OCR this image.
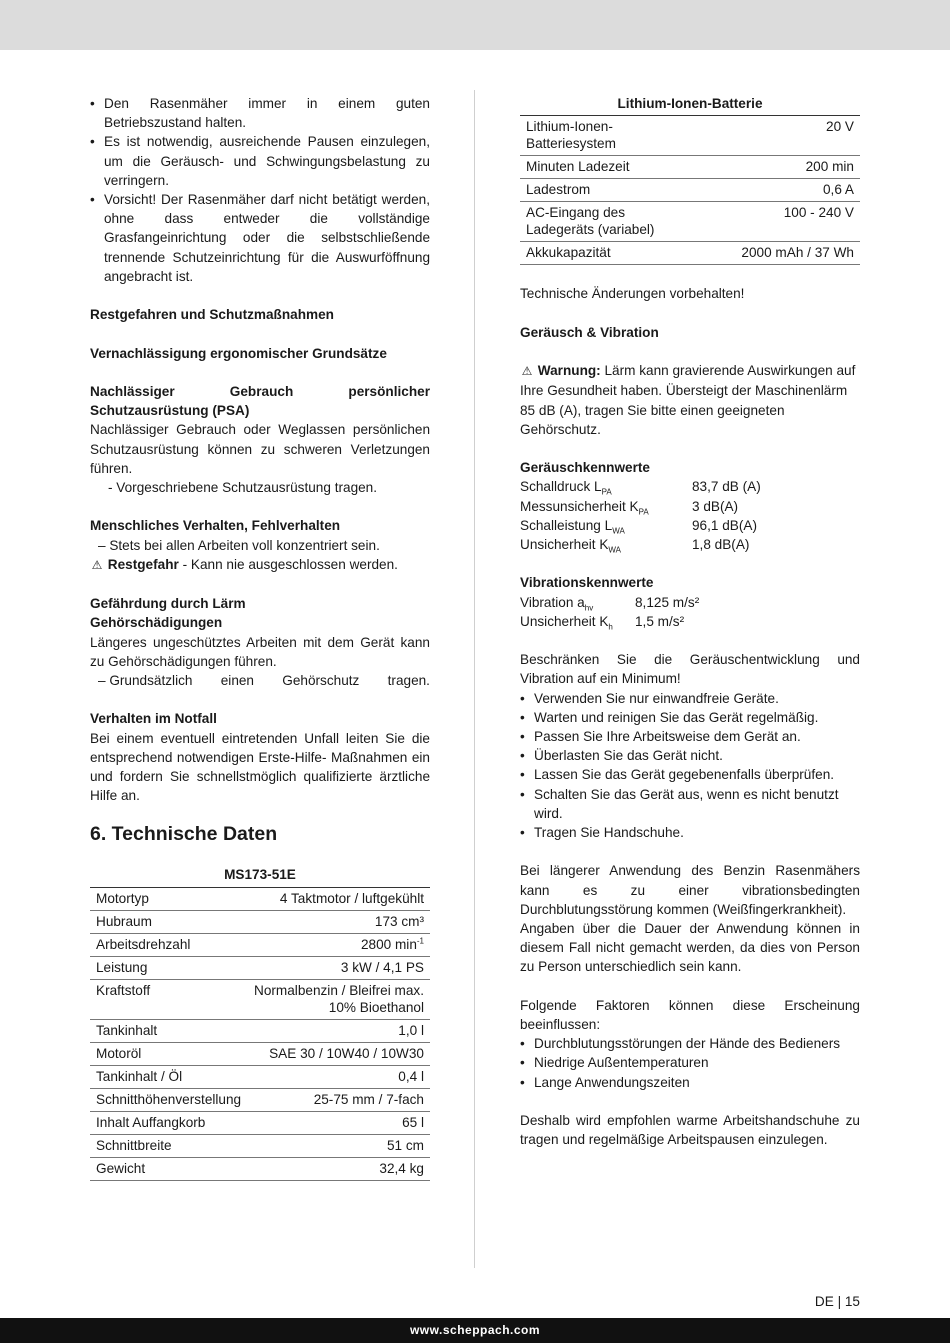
• Den Rasenmäher immer in einem guten Betriebszustand halten.
• Es ist notwendig, ausreichende Pausen einzulegen, um die Geräusch- und Schwingungsbelastung zu verringern.
• Vorsicht! Der Rasenmäher darf nicht betätigt werden, ohne dass entweder die vollständige Grasfangeinrichtung oder die selbstschließende trennende Schutzeinrichtung für die Auswurföffnung angebracht ist.

Restgefahren und Schutzmaßnahmen

Vernachlässigung ergonomischer Grundsätze

Nachlässiger Gebrauch persönlicher Schutzausrüstung (PSA)

Nachlässiger Gebrauch oder Weglassen persönlichen Schutzausrüstung können zu schweren Verletzungen führen.

- Vorgeschriebene Schutzausrüstung tragen.

Menschliches Verhalten, Fehlverhalten

– Stets bei allen Arbeiten voll konzentriert sein.

⚠ Restgefahr - Kann nie ausgeschlossen werden.

Gefährdung durch Lärm

Gehörschädigungen

Längeres ungeschütztes Arbeiten mit dem Gerät kann zu Gehörschädigungen führen.

– Grundsätzlich einen Gehörschutz tragen.

Verhalten im Notfall

Bei einem eventuell eintretenden Unfall leiten Sie die entsprechend notwendigen Erste-Hilfe- Maßnahmen ein und fordern Sie schnellstmöglich qualifizierte ärztliche Hilfe an.

6. Technische Daten
MS173-51E
Motortyp	4 Taktmotor / luftgekühlt
Hubraum	173 cm³
Arbeitsdrehzahl	2800 $\min^{-1}$
Leistung	3 kW / 4,1 PS
Kraftstoff	Normalbenzin / Bleifrei max. 10% Bioethanol
Tankinhalt	1,0 l
Motoröl	SAE 30 / 10W40 / 10W30
Tankinhalt / Öl	0,4 l
Schnitthöhenverstellung	25-75 mm / 7-fach
Inhalt Auffangkorb	65 l
Schnittbreite	51 cm
Gewicht	32,4 kg
Lithium-Ionen-Batterie
Lithium-Ionen-Batteriesystem	20 V
Minuten Ladezeit	200 min
Ladestrom	0,6 A
AC-Eingang des Ladegeräts (variabel)	100 - 240 V
Akkukapazität	2000 mAh / 37 Wh

Technische Änderungen vorbehalten!

Geräusch & Vibration

⚠ Warnung: Lärm kann gravierende Auswirkungen auf Ihre Gesundheit haben. Übersteigt der Maschinenlärm 85 dB (A), tragen Sie bitte einen geeigneten Gehörschutz.

Geräuschkennwerte

Schalldruck $L_{PA}$	83,7 dB (A)
Messunsicherheit $K_{PA}$	3 dB(A)
Schalleistung $L_{WA}$	96,1 dB(A)
Unsicherheit $K_{WA}$	1,8 dB(A)

Vibrationskennwerte

Vibration $a_{hv}$	8,125 m/s²
Unsicherheit $K_h$	1,5 m/s²

Beschränken Sie die Geräuschentwicklung und Vibration auf ein Minimum!

• Verwenden Sie nur einwandfreie Geräte.
• Warten und reinigen Sie das Gerät regelmäßig.
• Passen Sie Ihre Arbeitsweise dem Gerät an.
• Überlasten Sie das Gerät nicht.
• Lassen Sie das Gerät gegebenenfalls überprüfen.
• Schalten Sie das Gerät aus, wenn es nicht benutzt wird.
• Tragen Sie Handschuhe.

Bei längerer Anwendung des Benzin Rasenmähers kann es zu einer vibrationsbedingten Durchblutungsstörung kommen (Weißfingerkrankheit).

Angaben über die Dauer der Anwendung können in diesem Fall nicht gemacht werden, da dies von Person zu Person unterschiedlich sein kann.

Folgende Faktoren können diese Erscheinung beeinflussen:

• Durchblutungsstörungen der Hände des Bedieners
• Niedrige Außentemperaturen
• Lange Anwendungszeiten

Deshalb wird empfohlen warme Arbeitshandschuhe zu tragen und regelmäßige Arbeitspausen einzulegen.

DE | 15
www.scheppach.com
